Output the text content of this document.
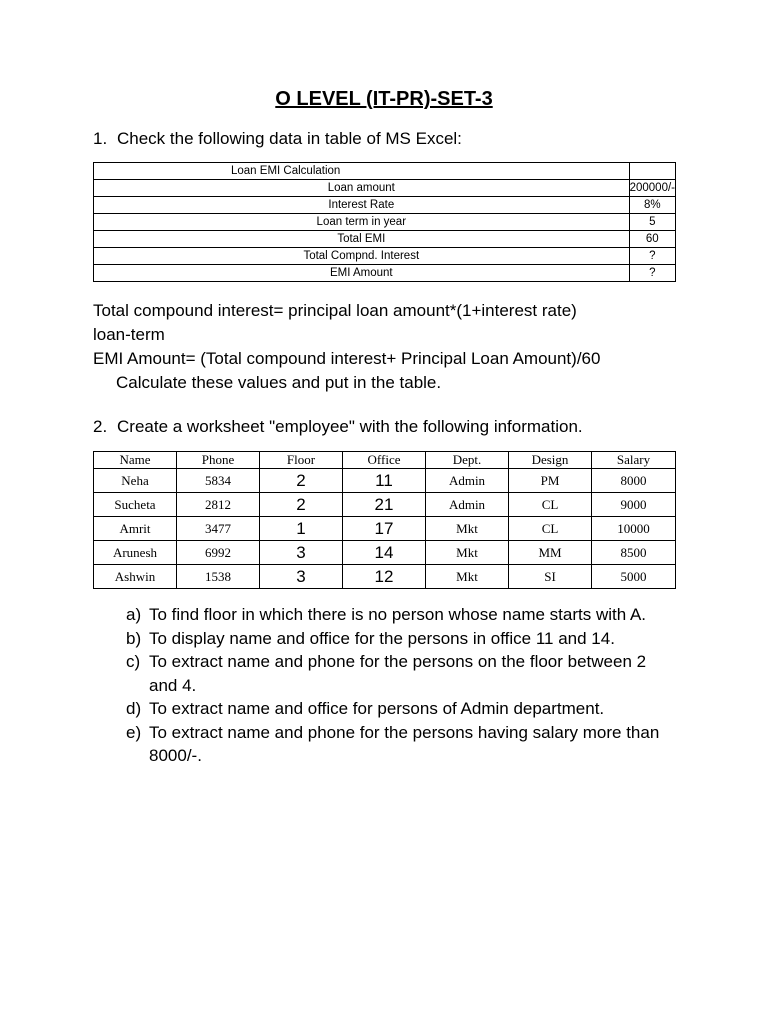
O LEVEL (IT-PR)-SET-3
1. Check the following data in table of MS Excel:
Loan EMI Calculation	
Loan amount	200000/-
Interest Rate	8%
Loan term in year	5
Total EMI	60
Total Compnd. Interest	?
EMI Amount	?
Total compound interest= principal loan amount*(1+interest rate)
loan-term
EMI Amount= (Total compound interest+ Principal Loan Amount)/60
Calculate these values and put in the table.
2. Create a worksheet "employee" with the following information.
Name	Phone	Floor	Office	Dept.	Design	Salary
Neha	5834	2	11	Admin	PM	8000
Sucheta	2812	2	21	Admin	CL	9000
Amrit	3477	1	17	Mkt	CL	10000
Arunesh	6992	3	14	Mkt	MM	8500
Ashwin	1538	3	12	Mkt	SI	5000
a) To find floor in which there is no person whose name starts with A.
b) To display name and office for the persons in office 11 and 14.
c) To extract name and phone for the persons on the floor between 2 and 4.
d) To extract name and office for persons of Admin department.
e) To extract name and phone for the persons having salary more than 8000/-.
